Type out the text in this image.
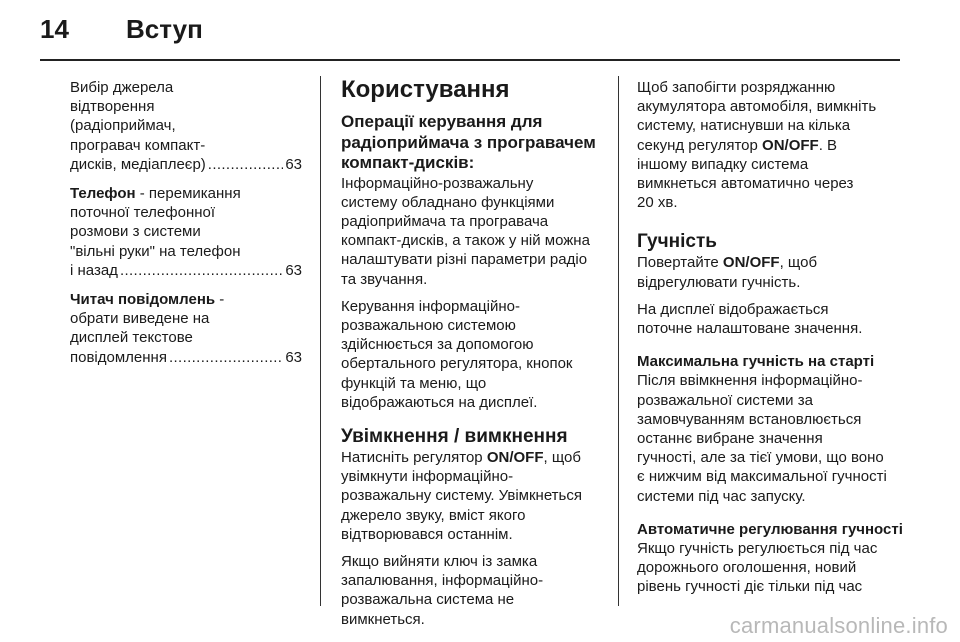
14 Вступ
Вибір джерела
відтворення
(радіоприймач,
програвач компакт-
дисків, медіаплеєр) . . .	63
Телефон - перемикання
поточної телефонної
розмови з системи
"вільні руки" на телефон
і назад . . .	63
Читач повідомлень -
обрати виведене на
дисплей текстове
повідомлення . . .	63
Користування
Операції керування для
радіоприймача з програвачем
компакт-дисків:
Інформаційно-розважальну
систему обладнано функціями
радіоприймача та програвача
компакт-дисків, а також у ній можна
налаштувати різні параметри радіо
та звучання.
Керування інформаційно-
розважальною системою
здійснюється за допомогою
обертального регулятора, кнопок
функцій та меню, що
відображаються на дисплеї.
Увімкнення / вимкнення
Натисніть регулятор ON/OFF, щоб
увімкнути інформаційно-
розважальну систему. Увімкнеться
джерело звуку, вміст якого
відтворювався останнім.
Якщо вийняти ключ із замка
запалювання, інформаційно-
розважальна система не
вимкнеться.
Щоб запобігти розряджанню
акумулятора автомобіля, вимкніть
систему, натиснувши на кілька
секунд регулятор ON/OFF. В
іншому випадку система
вимкнеться автоматично через
20 хв.
Гучність
Повертайте ON/OFF, щоб
відрегулювати гучність.
На дисплеї відображається
поточне налаштоване значення.
Максимальна гучність на старті
Після ввімкнення інформаційно-
розважальної системи за
замовчуванням встановлюється
останнє вибране значення
гучності, але за тієї умови, що воно
є нижчим від максимальної гучності
системи під час запуску.
Автоматичне регулювання гучності
Якщо гучність регулюється під час
дорожнього оголошення, новий
рівень гучності діє тільки під час
carmanualsonline.info
